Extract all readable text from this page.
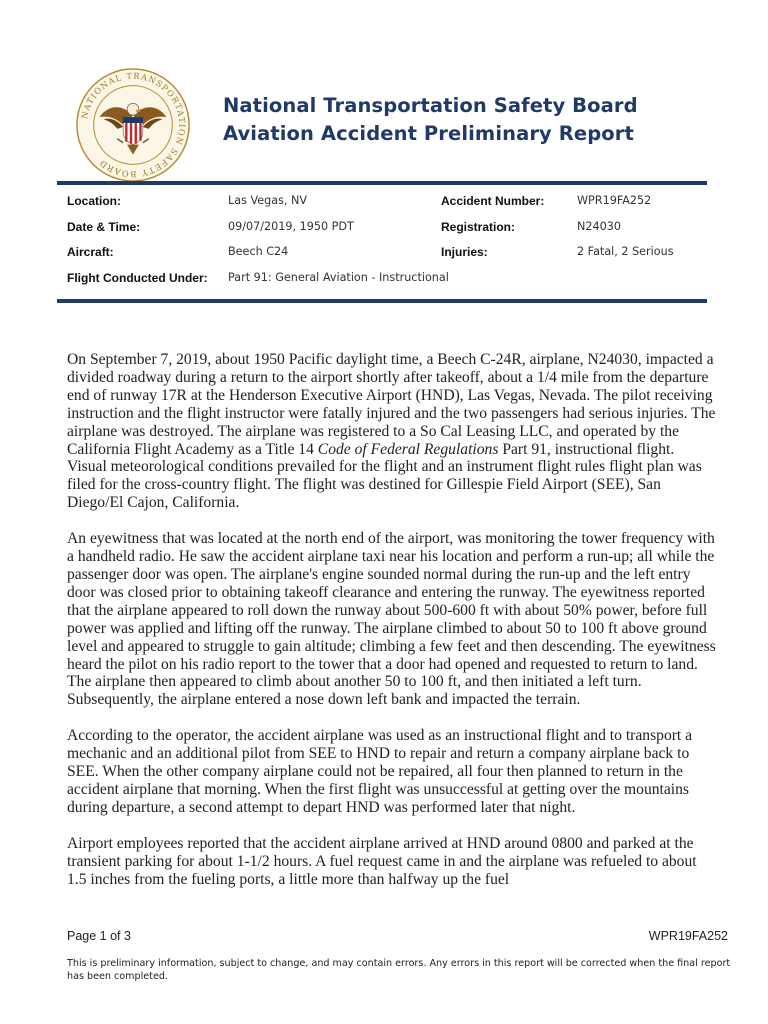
NATIONAL TRANSPORTATION SAFETY BOARD
National Transportation Safety Board
Aviation Accident Preliminary Report
Location:	Las Vegas, NV	Accident Number:	WPR19FA252
Date & Time:	09/07/2019, 1950 PDT	Registration:	N24030
Aircraft:	Beech C24	Injuries:	2 Fatal, 2 Serious
Flight Conducted Under: Part 91: General Aviation - Instructional

On September 7, 2019, about 1950 Pacific daylight time, a Beech C-24R, airplane, N24030, impacted a divided roadway during a return to the airport shortly after takeoff, about a 1/4 mile from the departure end of runway 17R at the Henderson Executive Airport (HND), Las Vegas, Nevada. The pilot receiving instruction and the flight instructor were fatally injured and the two passengers had serious injuries. The airplane was destroyed. The airplane was registered to a So Cal Leasing LLC, and operated by the California Flight Academy as a Title 14 Code of Federal Regulations Part 91, instructional flight. Visual meteorological conditions prevailed for the flight and an instrument flight rules flight plan was filed for the cross-country flight. The flight was destined for Gillespie Field Airport (SEE), San Diego/El Cajon, California.

An eyewitness that was located at the north end of the airport, was monitoring the tower frequency with a handheld radio. He saw the accident airplane taxi near his location and perform a run-up; all while the passenger door was open. The airplane's engine sounded normal during the run-up and the left entry door was closed prior to obtaining takeoff clearance and entering the runway. The eyewitness reported that the airplane appeared to roll down the runway about 500-600 ft with about 50% power, before full power was applied and lifting off the runway. The airplane climbed to about 50 to 100 ft above ground level and appeared to struggle to gain altitude; climbing a few feet and then descending. The eyewitness heard the pilot on his radio report to the tower that a door had opened and requested to return to land. The airplane then appeared to climb about another 50 to 100 ft, and then initiated a left turn. Subsequently, the airplane entered a nose down left bank and impacted the terrain.

According to the operator, the accident airplane was used as an instructional flight and to transport a mechanic and an additional pilot from SEE to HND to repair and return a company airplane back to SEE. When the other company airplane could not be repaired, all four then planned to return in the accident airplane that morning. When the first flight was unsuccessful at getting over the mountains during departure, a second attempt to depart HND was performed later that night.

Airport employees reported that the accident airplane arrived at HND around 0800 and parked at the transient parking for about 1-1/2 hours. A fuel request came in and the airplane was refueled to about 1.5 inches from the fueling ports, a little more than halfway up the fuel

Page 1 of 3	WPR19FA252
This is preliminary information, subject to change, and may contain errors. Any errors in this report will be corrected when the final report has been completed.
